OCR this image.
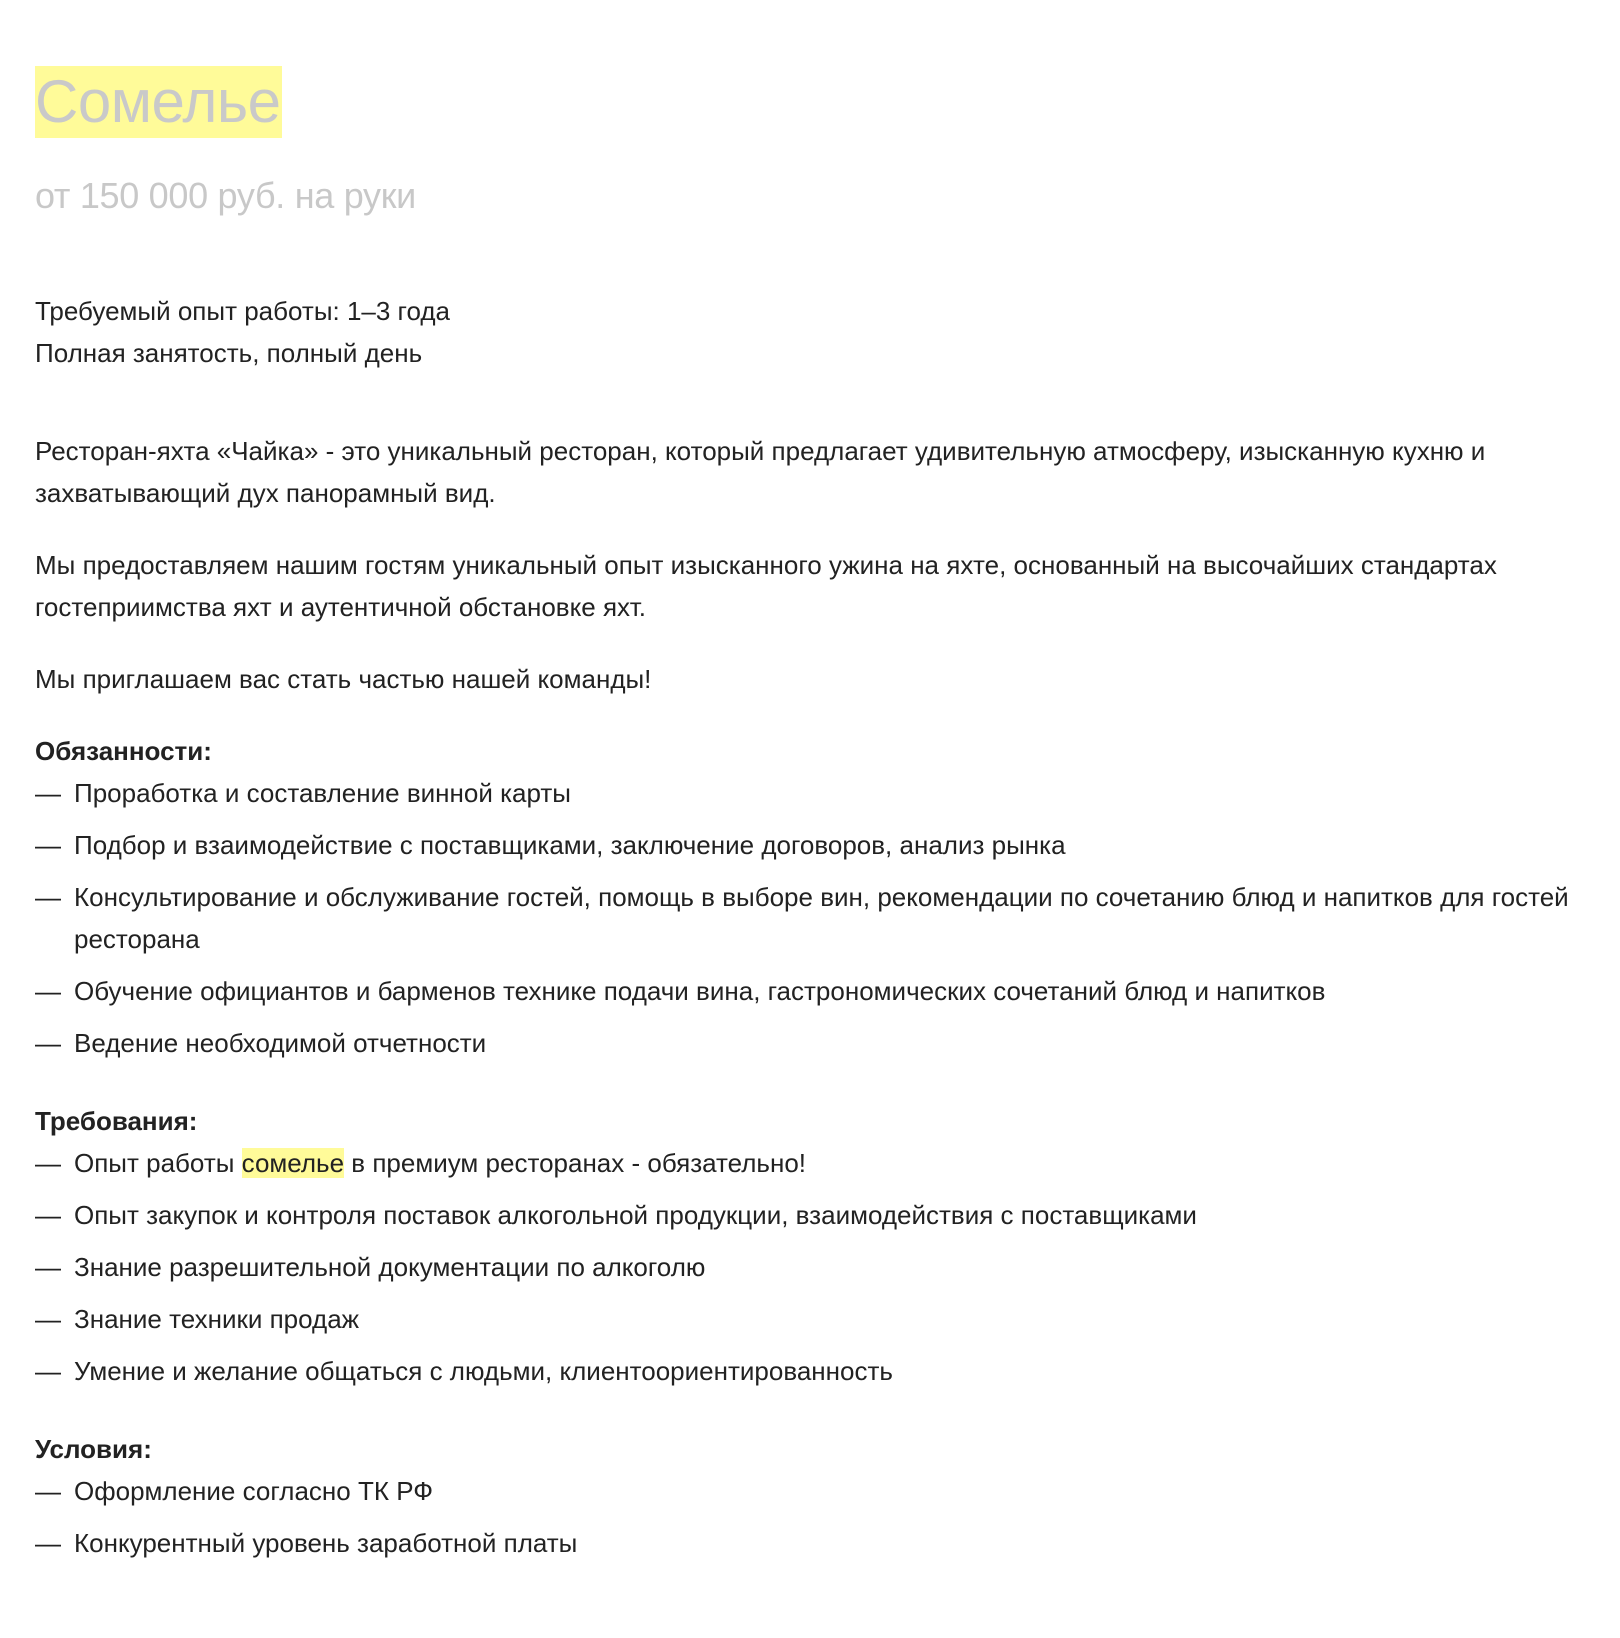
Сомелье
от 150 000 руб. на руки
Требуемый опыт работы: 1–3 года
Полная занятость, полный день

Ресторан-яхта «Чайка» - это уникальный ресторан, который предлагает удивительную атмосферу, изысканную кухню и захватывающий дух панорамный вид.

Мы предоставляем нашим гостям уникальный опыт изысканного ужина на яхте, основанный на высочайших стандартах гостеприимства яхт и аутентичной обстановке яхт.

Мы приглашаем вас стать частью нашей команды!

Обязанности:

— Проработка и составление винной карты
— Подбор и взаимодействие с поставщиками, заключение договоров, анализ рынка
— Консультирование и обслуживание гостей, помощь в выборе вин, рекомендации по сочетанию блюд и напитков для гостей ресторана
— Обучение официантов и барменов технике подачи вина, гастрономических сочетаний блюд и напитков
— Ведение необходимой отчетности

Требования:

— Опыт работы сомелье в премиум ресторанах - обязательно!
— Опыт закупок и контроля поставок алкогольной продукции, взаимодействия с поставщиками
— Знание разрешительной документации по алкоголю
— Знание техники продаж
— Умение и желание общаться с людьми, клиентоориентированность

Условия:

— Оформление согласно ТК РФ
— Конкурентный уровень заработной платы
